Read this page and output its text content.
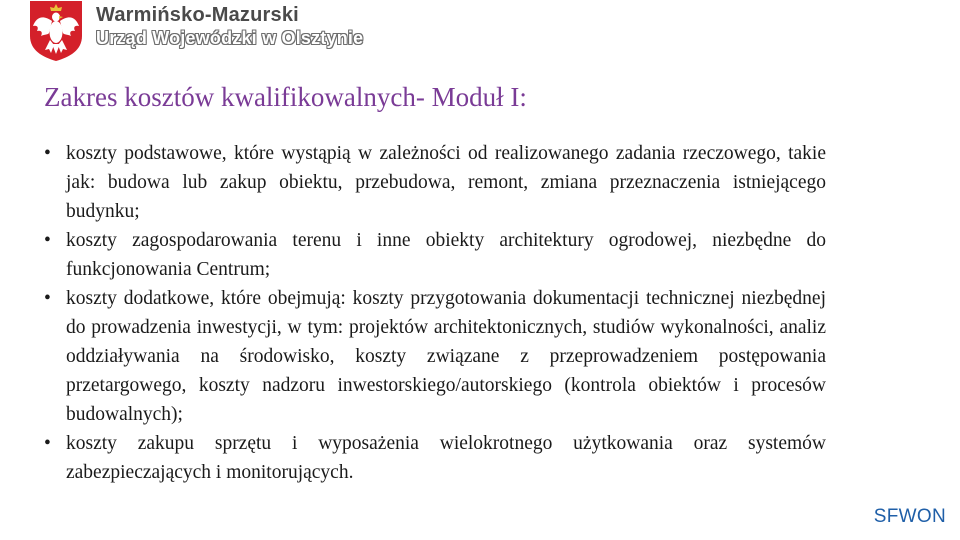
Warmińsko-Mazurski
Urząd Wojewódzki w Olsztynie
Zakres kosztów kwalifikowalnych- Moduł I:
• koszty podstawowe, które wystąpią w zależności od realizowanego zadania rzeczowego, takie jak: budowa lub zakup obiektu, przebudowa, remont, zmiana przeznaczenia istniejącego budynku;
• koszty zagospodarowania terenu i inne obiekty architektury ogrodowej, niezbędne do funkcjonowania Centrum;
• koszty dodatkowe, które obejmują: koszty przygotowania dokumentacji technicznej niezbędnej do prowadzenia inwestycji, w tym: projektów architektonicznych, studiów wykonalności, analiz oddziaływania na środowisko, koszty związane z przeprowadzeniem postępowania przetargowego, koszty nadzoru inwestorskiego/autorskiego (kontrola obiektów i procesów budowalnych);
• koszty zakupu sprzętu i wyposażenia wielokrotnego użytkowania oraz systemów zabezpieczających i monitorujących.
SFWON
